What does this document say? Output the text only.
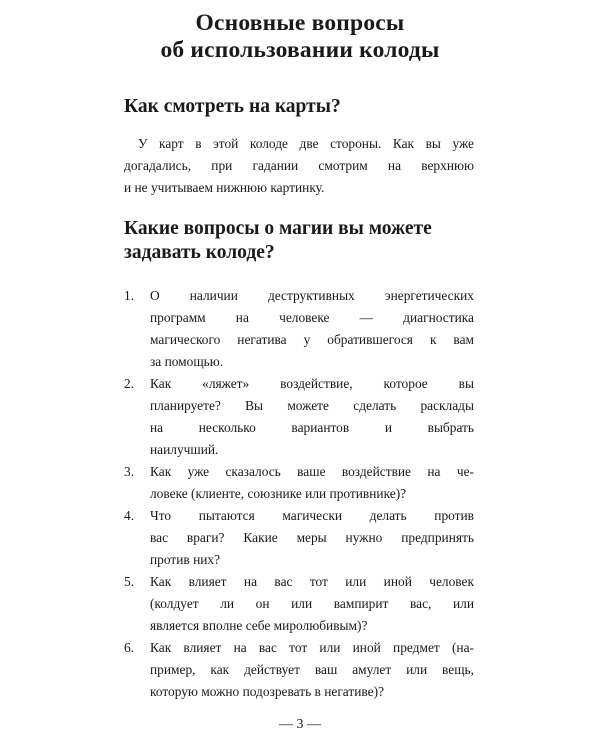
Основные вопросы
об использовании колоды
Как смотреть на карты?
У карт в этой колоде две стороны. Как вы уже
догадались, при гадании смотрим на верхнюю
и не учитываем нижнюю картинку.
Какие вопросы о магии вы можете
задавать колоде?
1. О наличии деструктивных энергетических
программ на человеке — диагностика
магического негатива у обратившегося к вам
за помощью.
2. Как «ляжет» воздействие, которое вы
планируете? Вы можете сделать расклады
на несколько вариантов и выбрать
наилучший.
3. Как уже сказалось ваше воздействие на че-
ловеке (клиенте, союзнике или противнике)?
4. Что пытаются магически делать против
вас враги? Какие меры нужно предпринять
против них?
5. Как влияет на вас тот или иной человек
(колдует ли он или вампирит вас, или
является вполне себе миролюбивым)?
6. Как влияет на вас тот или иной предмет (на-
пример, как действует ваш амулет или вещь,
которую можно подозревать в негативе)?
— 3 —
